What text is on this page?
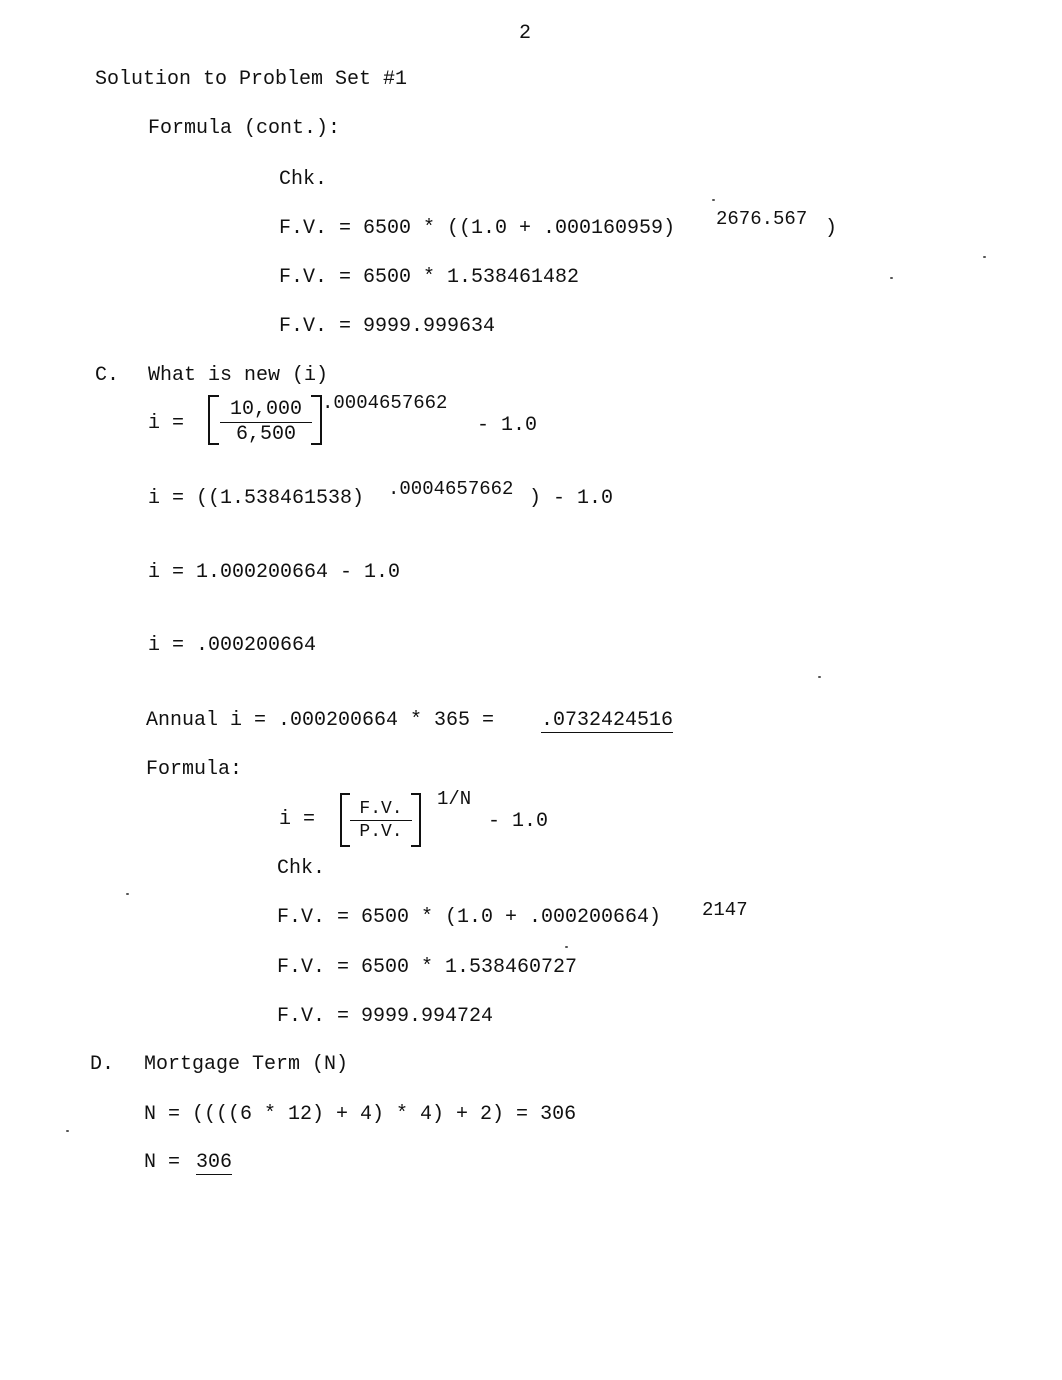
2
Solution to Problem Set #1
Formula (cont.):
Chk.
F.V. = 6500 * ((1.0 + .000160959) 2676.567 )
F.V. = 6500 * 1.538461482
F.V. = 9999.999634
C. What is new (i)
$i = \frac{10,000}{6,500} .0004657662$
- 1.0
i = ((1.538461538) .0004657662 ) - 1.0
i = 1.000200664 - 1.0
i = .000200664
Annual i = .000200664 * 365 = .0732424516
Formula:
$i = \frac{F.V.}{P.V.}$
1/N
- 1.0
Chk.
F.V. = 6500 * (1.0 + .000200664) 2147
F.V. = 6500 * 1.538460727
F.V. = 9999.994724
D. Mortgage Term (N)
N = ((((6 * 12) + 4) * 4) + 2) = 306
N = 306
